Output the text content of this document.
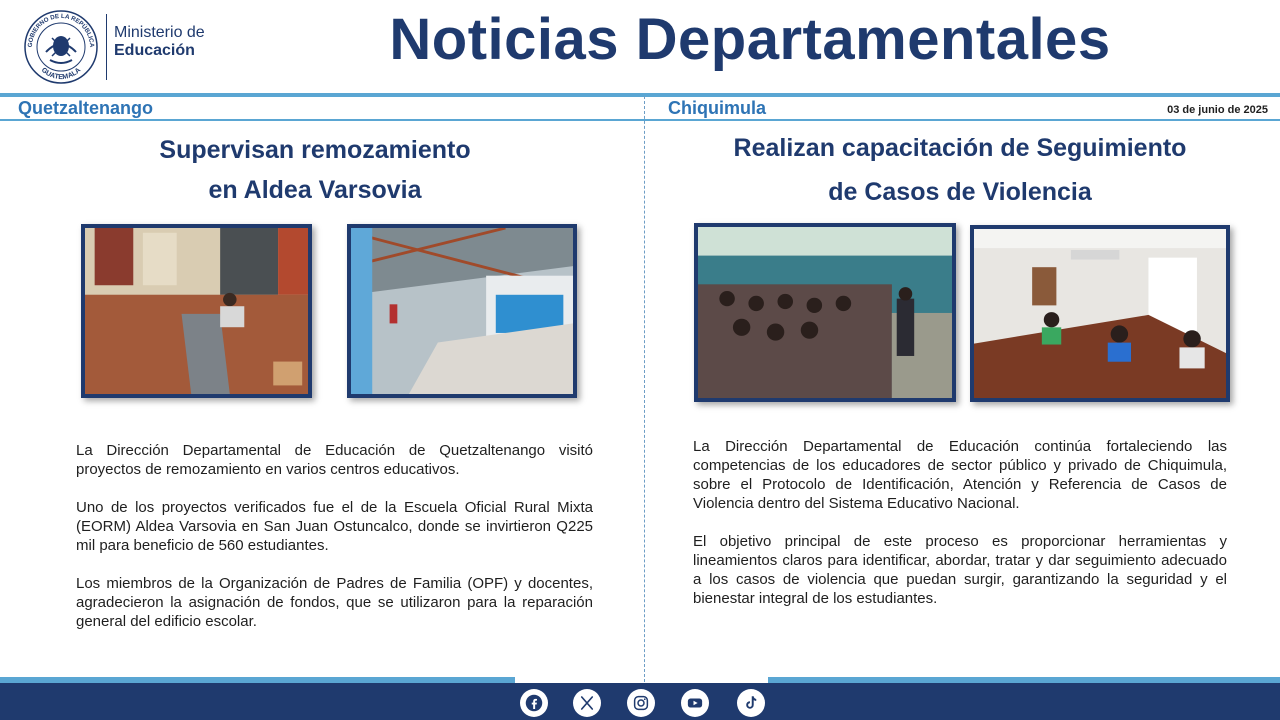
GOBIERNO DE LA REPÚBLICA
GUATEMALA
Ministerio de
Educación	Noticias Departamentales
Quetzaltenango	Chiquimula	03 de junio de 2025
Supervisan remozamiento
en Aldea Varsovia

La Dirección Departamental de Educación de Quetzaltenango visitó proyectos de remozamiento en varios centros educativos.

Uno de los proyectos verificados fue el de la Escuela Oficial Rural Mixta (EORM) Aldea Varsovia en San Juan Ostuncalco, donde se invirtieron Q225 mil para beneficio de 560 estudiantes.

Los miembros de la Organización de Padres de Familia (OPF) y docentes, agradecieron la asignación de fondos, que se utilizaron para la reparación general del edificio escolar.

Realizan capacitación de Seguimiento
de Casos de Violencia

La Dirección Departamental de Educación continúa fortaleciendo las competencias de los educadores de sector público y privado de Chiquimula, sobre el Protocolo de Identificación, Atención y Referencia de Casos de Violencia dentro del Sistema Educativo Nacional.

El objetivo principal de este proceso es proporcionar herramientas y lineamientos claros para identificar, abordar, tratar y dar seguimiento adecuado a los casos de violencia que puedan surgir, garantizando la seguridad y el bienestar integral de los estudiantes.
